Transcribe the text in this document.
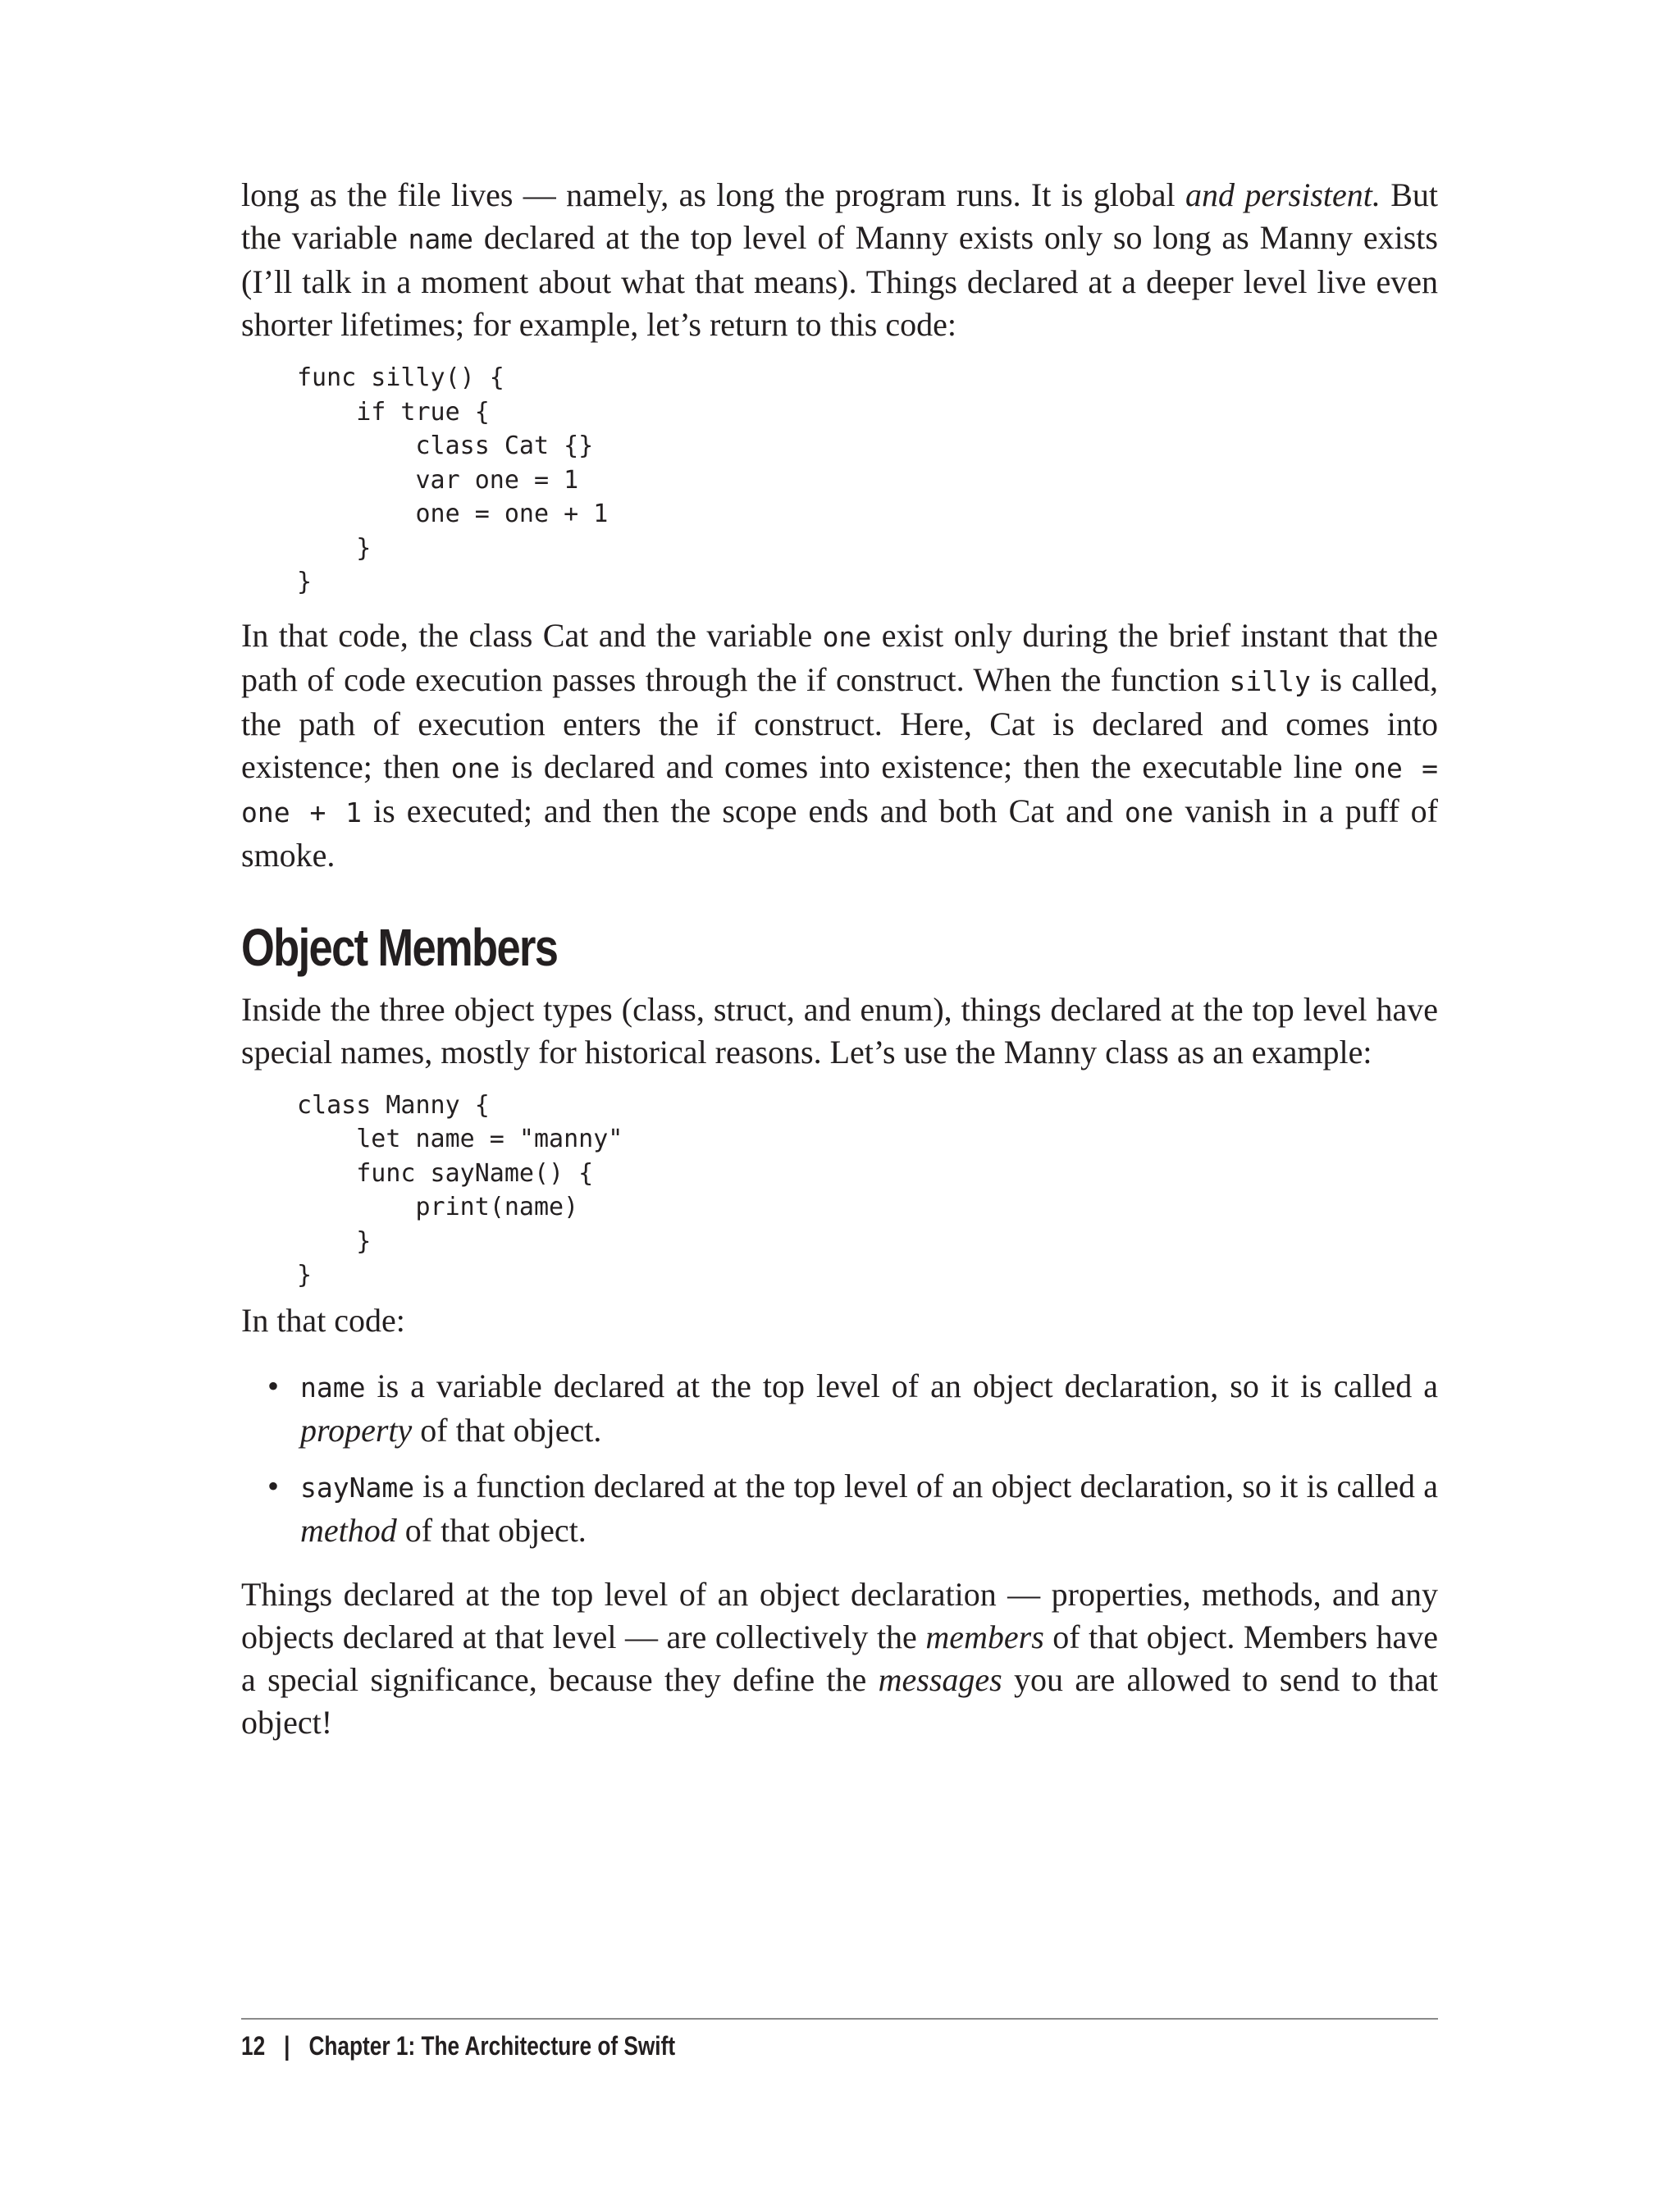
long as the file lives — namely, as long the program runs. It is global and persistent. But the variable name declared at the top level of Manny exists only so long as Manny exists (I’ll talk in a moment about what that means). Things declared at a deeper level live even shorter lifetimes; for example, let’s return to this code:

func silly() {
if true {
class Cat {}
var one = 1
one = one + 1
}
}

In that code, the class Cat and the variable one exist only during the brief instant that the path of code execution passes through the if construct. When the function silly is called, the path of execution enters the if construct. Here, Cat is declared and comes into existence; then one is declared and comes into existence; then the executable line one = one + 1 is executed; and then the scope ends and both Cat and one vanish in a puff of smoke.

Object Members

Inside the three object types (class, struct, and enum), things declared at the top level have special names, mostly for historical reasons. Let’s use the Manny class as an example:

class Manny {
let name = "manny"
func sayName() {
print(name)
}
}

In that code:

• name is a variable declared at the top level of an object declaration, so it is called a property of that object.
• sayName is a function declared at the top level of an object declaration, so it is called a method of that object.

Things declared at the top level of an object declaration — properties, methods, and any objects declared at that level — are collectively the members of that object. Members have a special significance, because they define the messages you are allowed to send to that object!

12 | Chapter 1: The Architecture of Swift
